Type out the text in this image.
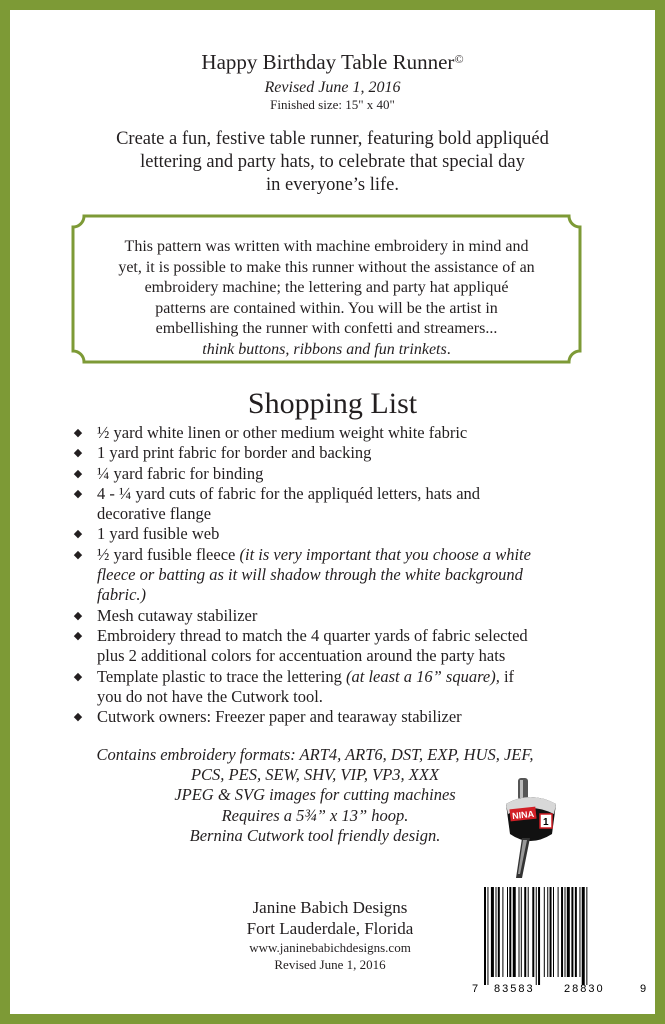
Happy Birthday Table Runner©
Revised June 1, 2016
Finished size: 15" x 40"
Create a fun, festive table runner, featuring bold appliquéd
lettering and party hats, to celebrate that special day
in everyone’s life.
This pattern was written with machine embroidery in mind and
yet, it is possible to make this runner without the assistance of an
embroidery machine; the lettering and party hat appliqué
patterns are contained within. You will be the artist in
embellishing the runner with confetti and streamers...
think buttons, ribbons and fun trinkets.
Shopping List
◆ ½ yard white linen or other medium weight white fabric
◆ 1 yard print fabric for border and backing
◆ ¼ yard fabric for binding
◆ 4 - ¼ yard cuts of fabric for the appliquéd letters, hats and
decorative flange
◆ 1 yard fusible web
◆ ½ yard fusible fleece (it is very important that you choose a white
fleece or batting as it will shadow through the white background
fabric.)
◆ Mesh cutaway stabilizer
◆ Embroidery thread to match the 4 quarter yards of fabric selected
plus 2 additional colors for accentuation around the party hats
◆ Template plastic to trace the lettering (at least a 16” square), if
you do not have the Cutwork tool.
◆ Cutwork owners: Freezer paper and tearaway stabilizer
Contains embroidery formats: ART4, ART6, DST, EXP, HUS, JEF,
PCS, PES, SEW, SHV, VIP, VP3, XXX
JPEG & SVG images for cutting machines
Requires a 5¾” x 13” hoop.
Bernina Cutwork tool friendly design.
NINA
1
Janine Babich Designs
Fort Lauderdale, Florida
www.janinebabichdesigns.com
Revised June 1, 2016
7 83583	28830	9
